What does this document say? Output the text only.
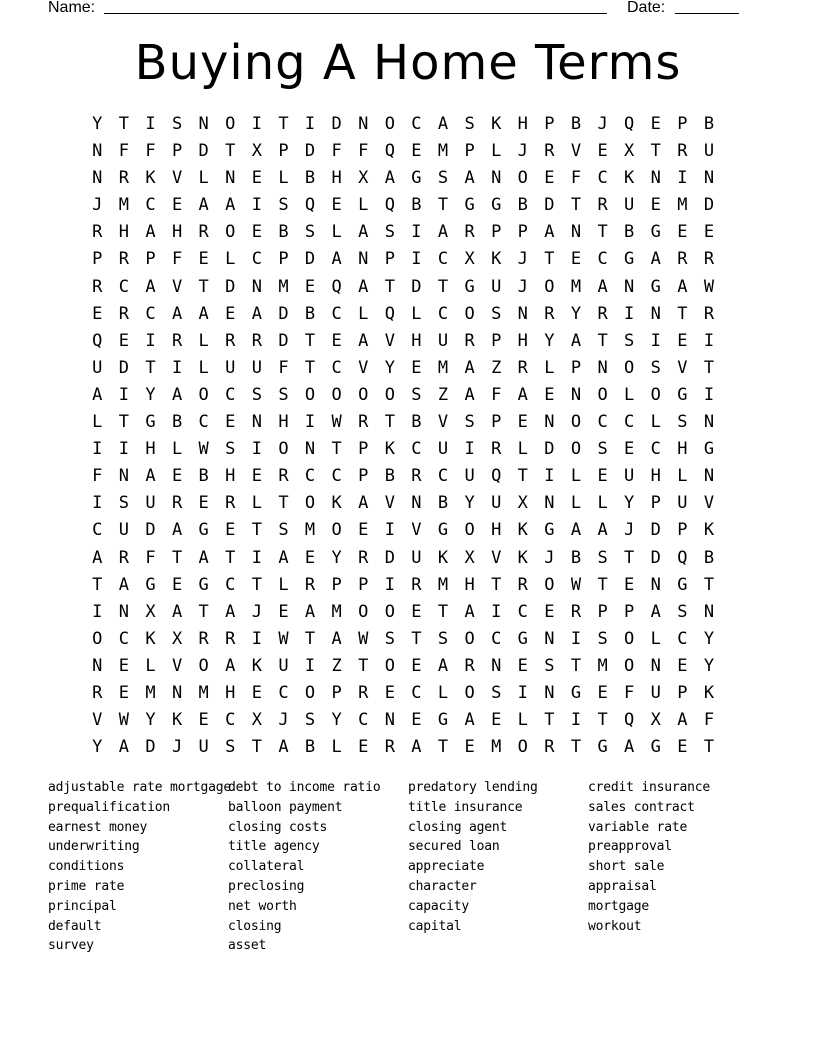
Name:	Date:
Buying A Home Terms
Y T I S N O I T I D N O C A S K H P B J Q E P B
N F F P D T X P D F F Q E M P L J R V E X T R U
N R K V L N E L B H X A G S A N O E F C K N I N
J M C E A A I S Q E L Q B T G G B D T R U E M D
R H A H R O E B S L A S I A R P P A N T B G E E
P R P F E L C P D A N P I C X K J T E C G A R R
R C A V T D N M E Q A T D T G U J O M A N G A W
E R C A A E A D B C L Q L C O S N R Y R I N T R
Q E I R L R R D T E A V H U R P H Y A T S I E I
U D T I L U U F T C V Y E M A Z R L P N O S V T
A I Y A O C S S O O O O S Z A F A E N O L O G I
L T G B C E N H I W R T B V S P E N O C C L S N
I I H L W S I O N T P K C U I R L D O S E C H G
F N A E B H E R C C P B R C U Q T I L E U H L N
I S U R E R L T O K A V N B Y U X N L L Y P U V
C U D A G E T S M O E I V G O H K G A A J D P K
A R F T A T I A E Y R D U K X V K J B S T D Q B
T A G E G C T L R P P I R M H T R O W T E N G T
I N X A T A J E A M O O E T A I C E R P P A S N
O C K X R R I W T A W S T S O C G N I S O L C Y
N E L V O A K U I Z T O E A R N E S T M O N E Y
R E M N M H E C O P R E C L O S I N G E F U P K
V W Y K E C X J S Y C N E G A E L T I T Q X A F
Y A D J U S T A B L E R A T E M O R T G A G E T
adjustable rate mortgage
prequalification
earnest money
underwriting
conditions
prime rate
principal
default
survey
debt to income ratio
balloon payment
closing costs
title agency
collateral
preclosing
net worth
closing
asset
predatory lending
title insurance
closing agent
secured loan
appreciate
character
capacity
capital
credit insurance
sales contract
variable rate
preapproval
short sale
appraisal
mortgage
workout
